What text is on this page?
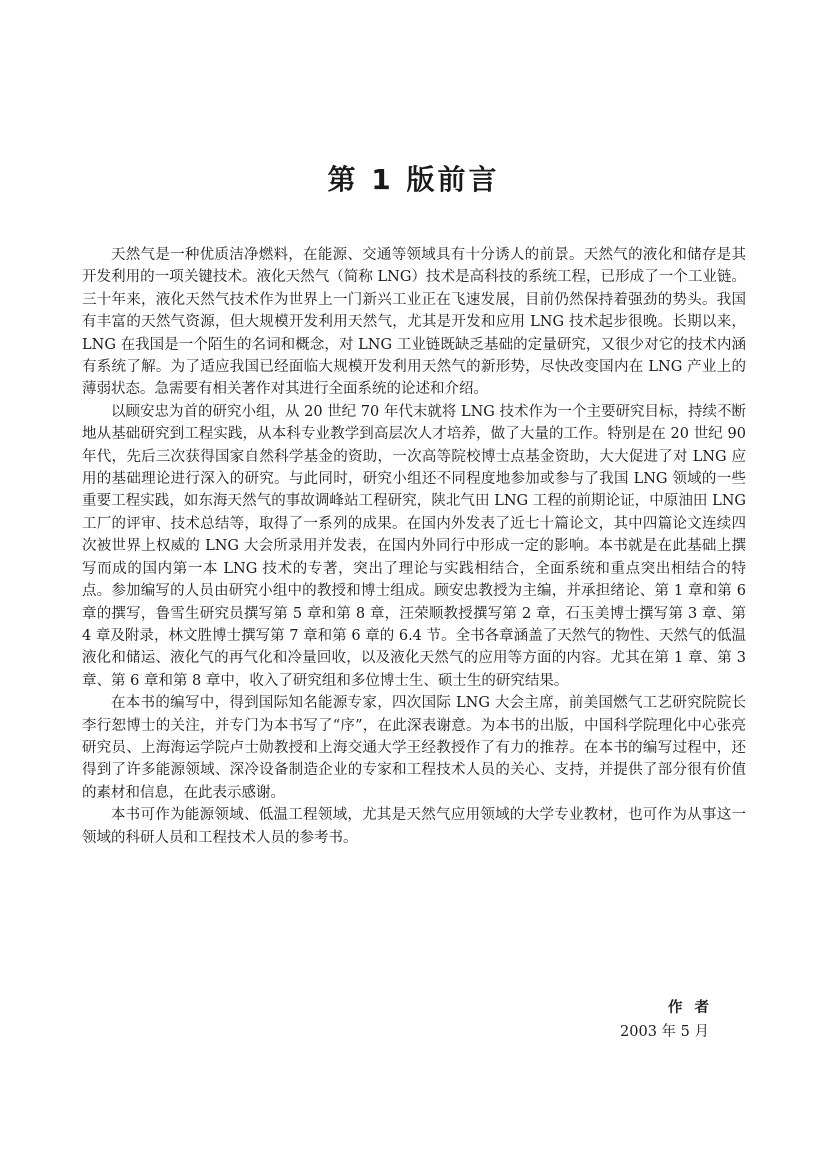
第 1 版前言

天然气是一种优质洁净燃料，在能源、交通等领域具有十分诱人的前景。天然气的液化和储存是其开发利用的一项关键技术。液化天然气（简称 LNG）技术是高科技的系统工程，已形成了一个工业链。三十年来，液化天然气技术作为世界上一门新兴工业正在飞速发展，目前仍然保持着强劲的势头。我国有丰富的天然气资源，但大规模开发利用天然气，尤其是开发和应用 LNG 技术起步很晚。长期以来，LNG 在我国是一个陌生的名词和概念，对 LNG 工业链既缺乏基础的定量研究，又很少对它的技术内涵有系统了解。为了适应我国已经面临大规模开发利用天然气的新形势，尽快改变国内在 LNG 产业上的薄弱状态。急需要有相关著作对其进行全面系统的论述和介绍。

以顾安忠为首的研究小组，从 20 世纪 70 年代末就将 LNG 技术作为一个主要研究目标，持续不断地从基础研究到工程实践，从本科专业教学到高层次人才培养，做了大量的工作。特别是在 20 世纪 90 年代，先后三次获得国家自然科学基金的资助，一次高等院校博士点基金资助，大大促进了对 LNG 应用的基础理论进行深入的研究。与此同时，研究小组还不同程度地参加或参与了我国 LNG 领域的一些重要工程实践，如东海天然气的事故调峰站工程研究，陕北气田 LNG 工程的前期论证，中原油田 LNG 工厂的评审、技术总结等，取得了一系列的成果。在国内外发表了近七十篇论文，其中四篇论文连续四次被世界上权威的 LNG 大会所录用并发表，在国内外同行中形成一定的影响。本书就是在此基础上撰写而成的国内第一本 LNG 技术的专著，突出了理论与实践相结合，全面系统和重点突出相结合的特点。参加编写的人员由研究小组中的教授和博士组成。顾安忠教授为主编，并承担绪论、第 1 章和第 6 章的撰写，鲁雪生研究员撰写第 5 章和第 8 章，汪荣顺教授撰写第 2 章，石玉美博士撰写第 3 章、第 4 章及附录，林文胜博士撰写第 7 章和第 6 章的 6.4 节。全书各章涵盖了天然气的物性、天然气的低温液化和储运、液化气的再气化和冷量回收，以及液化天然气的应用等方面的内容。尤其在第 1 章、第 3 章、第 6 章和第 8 章中，收入了研究组和多位博士生、硕士生的研究结果。

在本书的编写中，得到国际知名能源专家，四次国际 LNG 大会主席，前美国燃气工艺研究院院长李行恕博士的关注，并专门为本书写了“序”，在此深表谢意。为本书的出版，中国科学院理化中心张亮研究员、上海海运学院卢士勋教授和上海交通大学王经教授作了有力的推荐。在本书的编写过程中，还得到了许多能源领域、深冷设备制造企业的专家和工程技术人员的关心、支持，并提供了部分很有价值的素材和信息，在此表示感谢。

本书可作为能源领域、低温工程领域，尤其是天然气应用领域的大学专业教材，也可作为从事这一领域的科研人员和工程技术人员的参考书。

作者
2003 年 5 月
